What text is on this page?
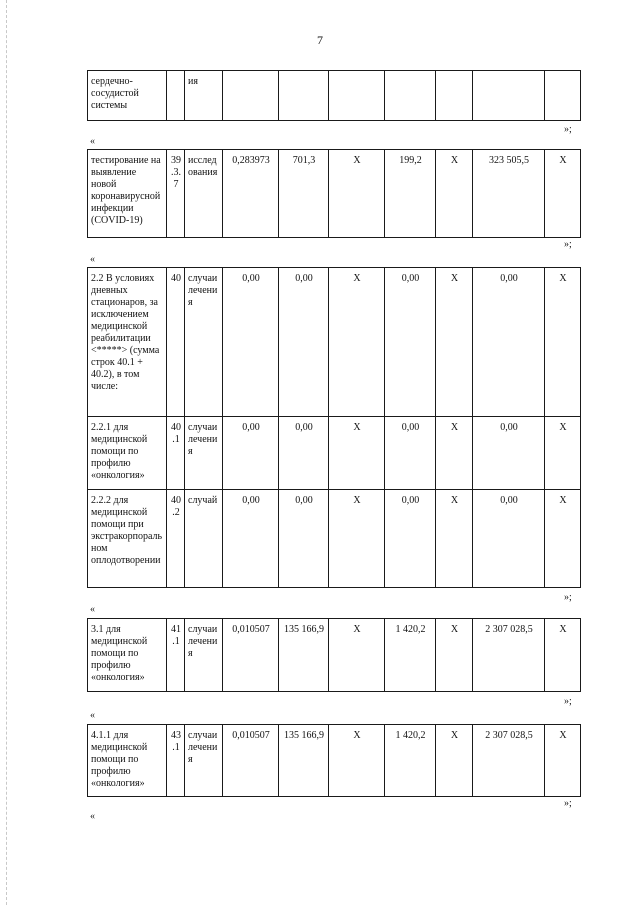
7
сердечно-сосудистой системы		ия							
»;
«
тестирование на выявление новой коронавирусной инфекции (COVID-19)	39.3.7	исследования	0,283973	701,3	X	199,2	X	323 505,5	X
»;
«
2.2 В условиях дневных стационаров, за исключением медицинской реабилитации <*****> (сумма строк 40.1 + 40.2), в том числе:	40	случаи лечения	0,00	0,00	X	0,00	X	0,00	X
2.2.1 для медицинской помощи по профилю «онкология»	40.1	случаи лечения	0,00	0,00	X	0,00	X	0,00	X
2.2.2 для медицинской помощи при экстракорпоральном оплодотворении	40.2	случай	0,00	0,00	X	0,00	X	0,00	X
»;
«
3.1 для медицинской помощи по профилю «онкология»	41.1	случаи лечения	0,010507	135 166,9	X	1 420,2	X	2 307 028,5	X
»;
«
4.1.1 для медицинской помощи по профилю «онкология»	43.1	случаи лечения	0,010507	135 166,9	X	1 420,2	X	2 307 028,5	X
»;
«
